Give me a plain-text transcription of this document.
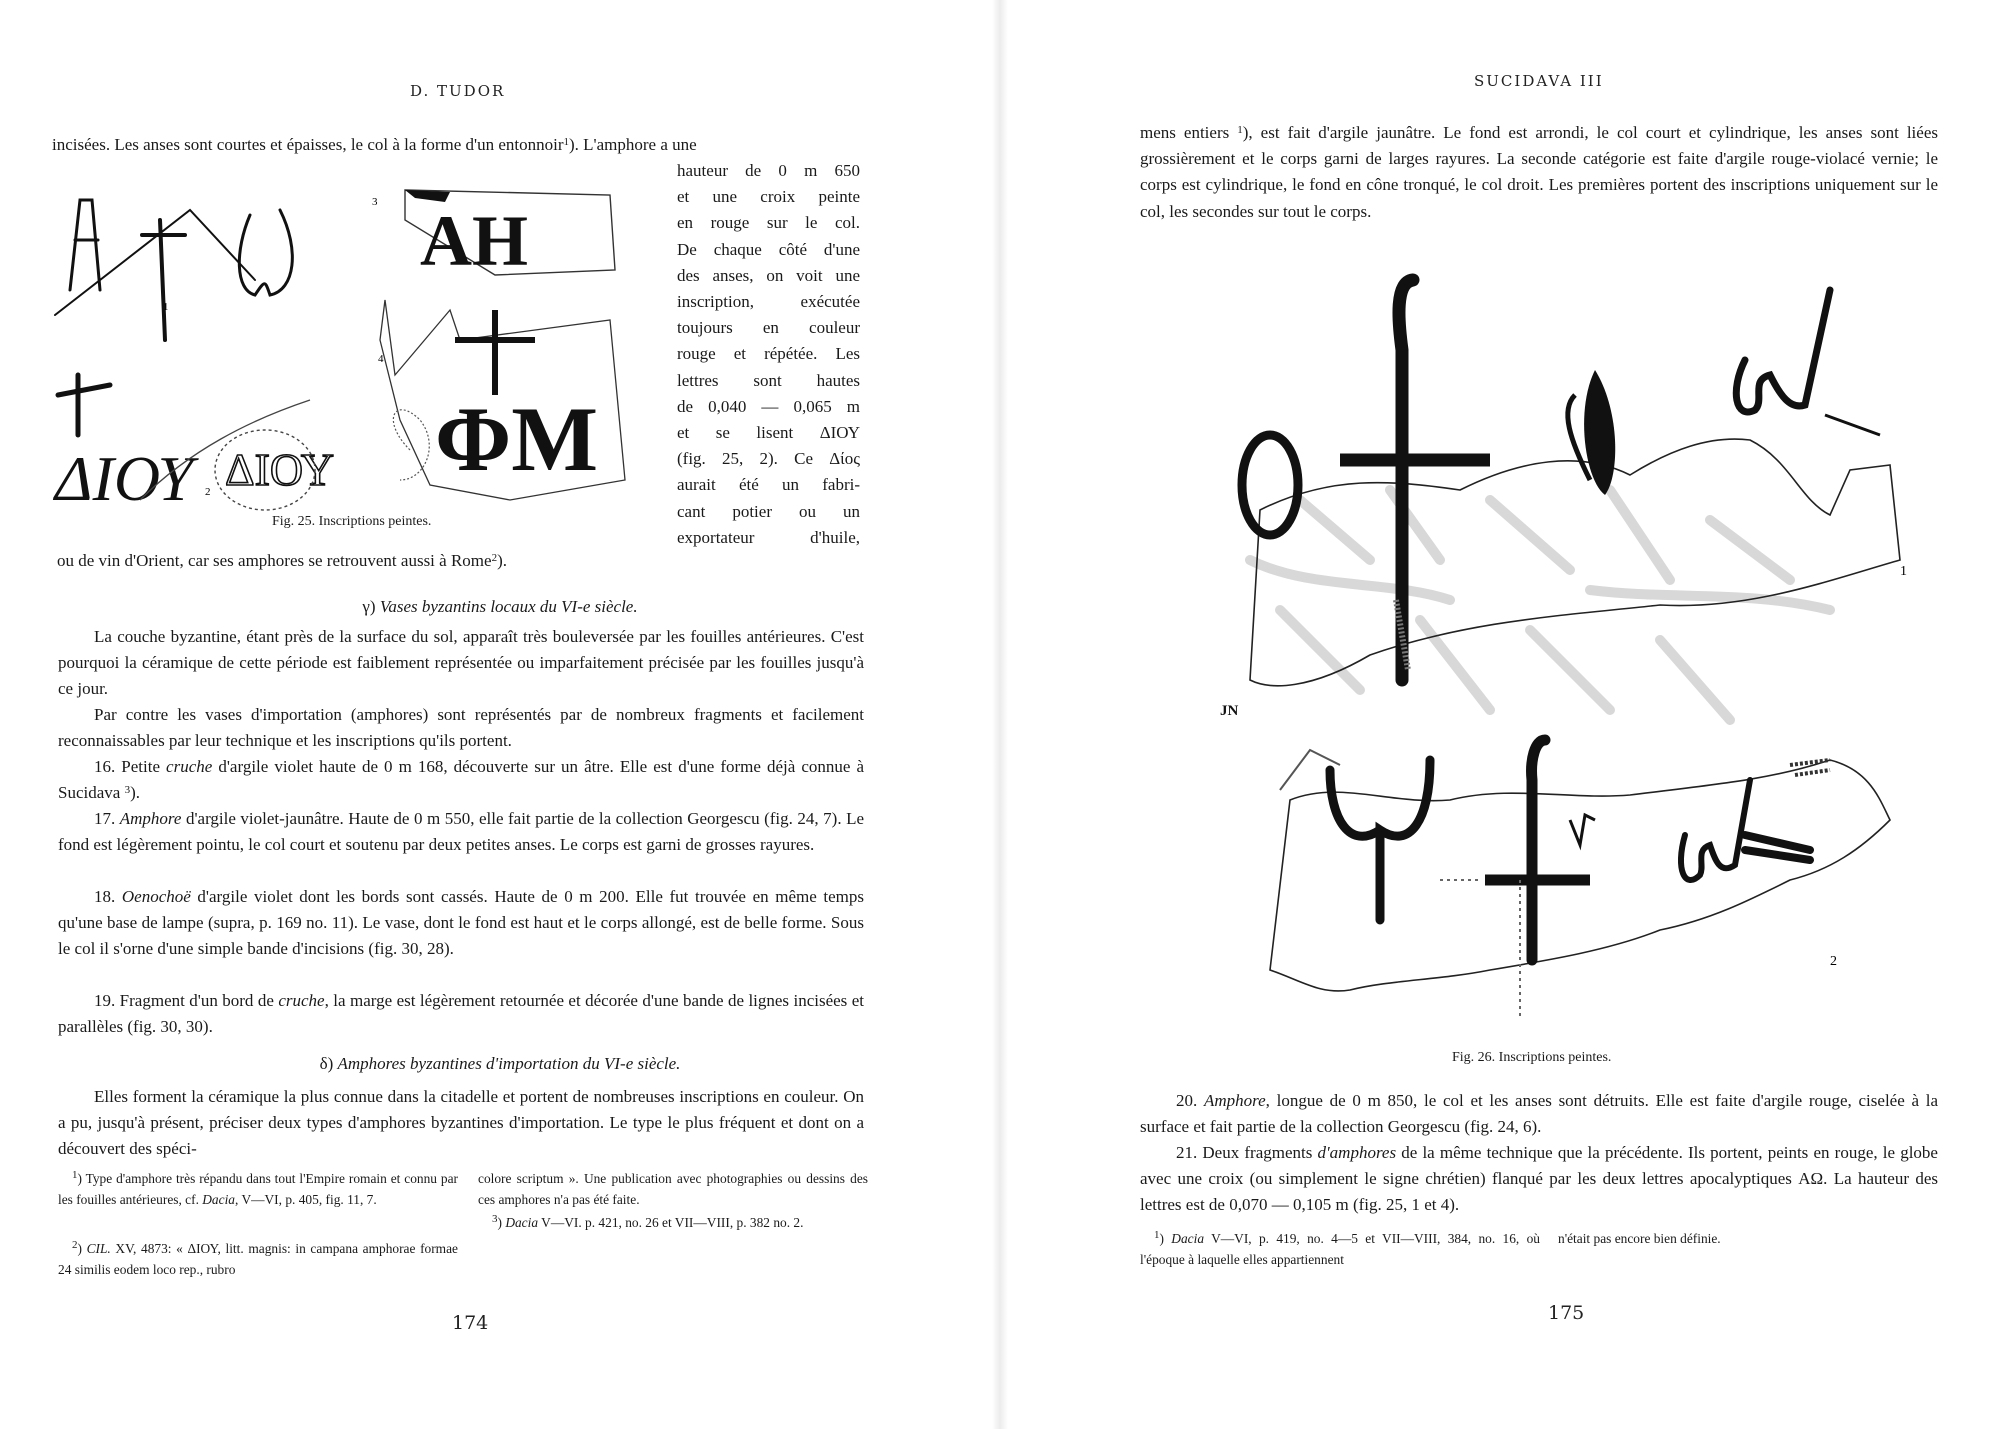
D. TUDOR

incisées. Les anses sont courtes et épaisses, le col à la forme d'un entonnoir$^1$). L'amphore a une

1
ΔΙΟΥ ΔΙΟΥ
2
ΑΗ
3
ΦΜ
4
Fig. 25. Inscriptions peintes.
hauteur de 0 m 650
et une croix peinte
en rouge sur le col.
De chaque côté d'une
des anses, on voit une
inscription, exécutée
toujours en couleur
rouge et répétée. Les
lettres sont hautes
de 0,040 — 0,065 m
et se lisent ΔΙΟΥ
(fig. 25, 2). Ce Δίος
aurait été un fabri-
cant potier ou un
exportateur d'huile,

ou de vin d'Orient, car ses amphores se retrouvent aussi à Rome$^2$).

γ) Vases byzantins locaux du VI-e siècle.

La couche byzantine, étant près de la surface du sol, apparaît très bouleversée par les fouilles antérieures. C'est pourquoi la céramique de cette période est faiblement représentée ou imparfaitement précisée par les fouilles jusqu'à ce jour.

Par contre les vases d'importation (amphores) sont représentés par de nombreux fragments et facilement reconnaissables par leur technique et les inscriptions qu'ils portent.

16. Petite cruche d'argile violet haute de 0 m 168, découverte sur un âtre. Elle est d'une forme déjà connue à Sucidava $^3$).

17. Amphore d'argile violet-jaunâtre. Haute de 0 m 550, elle fait partie de la collection Georgescu (fig. 24, 7). Le fond est légèrement pointu, le col court et soutenu par deux petites anses. Le corps est garni de grosses rayures.

18. Oenochoë d'argile violet dont les bords sont cassés. Haute de 0 m 200. Elle fut trouvée en même temps qu'une base de lampe (supra, p. 169 no. 11). Le vase, dont le fond est haut et le corps allongé, est de belle forme. Sous le col il s'orne d'une simple bande d'incisions (fig. 30, 28).

19. Fragment d'un bord de cruche, la marge est légèrement retournée et décorée d'une bande de lignes incisées et parallèles (fig. 30, 30).

δ) Amphores byzantines d'importation du VI-e siècle.

Elles forment la céramique la plus connue dans la citadelle et portent de nombreuses inscriptions en couleur. On a pu, jusqu'à présent, préciser deux types d'amphores byzantines d'importation. Le type le plus fréquent et dont on a découvert des spéci-

$^1$) Type d'amphore très répandu dans tout l'Empire romain et connu par les fouilles antérieures, cf. Dacia, V—VI, p. 405, fig. 11, 7.

$^2$) CIL. XV, 4873: « ΔΙΟΥ, litt. magnis: in campana amphorae formae 24 similis eodem loco rep., rubro

colore scriptum ». Une publication avec photographies ou dessins des ces amphores n'a pas été faite.

$^3$) Dacia V—VI. p. 421, no. 26 et VII—VIII, p. 382 no. 2.

174
SUCIDAVA III

mens entiers $^1$), est fait d'argile jaunâtre. Le fond est arrondi, le col court et cylindrique, les anses sont liées grossièrement et le corps garni de larges rayures. La seconde catégorie est faite d'argile rouge-violacé vernie; le corps est cylindrique, le fond en cône tronqué, le col droit. Les premières portent des inscriptions uniquement sur le col, les secondes sur tout le corps.

1
JN
2
Fig. 26. Inscriptions peintes.

20. Amphore, longue de 0 m 850, le col et les anses sont détruits. Elle est faite d'argile rouge, ciselée à la surface et fait partie de la collection Georgescu (fig. 24, 6).

21. Deux fragments d'amphores de la même technique que la précédente. Ils portent, peints en rouge, le globe avec une croix (ou simplement le signe chrétien) flanqué par les deux lettres apocalyptiques ΑΩ. La hauteur des lettres est de 0,070 — 0,105 m (fig. 25, 1 et 4).

$^1$) Dacia V—VI, p. 419, no. 4—5 et VII—VIII, 384, no. 16, où l'époque à laquelle elles appartiennent

n'était pas encore bien définie.

175
